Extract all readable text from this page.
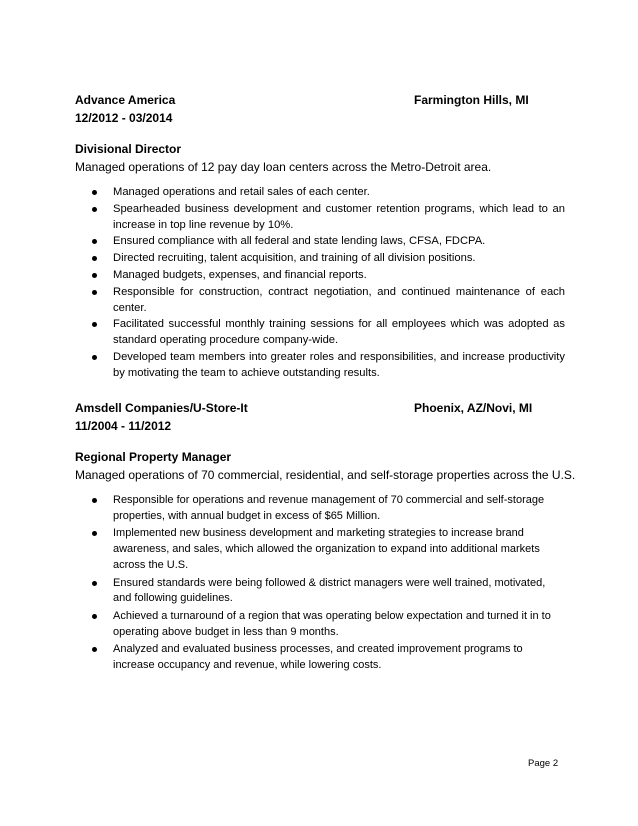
Advance America	Farmington Hills, MI
12/2012 - 03/2014
Divisional Director
Managed operations of 12 pay day loan centers across the Metro-Detroit area.
Managed operations and retail sales of each center.
Spearheaded business development and customer retention programs, which lead to an increase in top line revenue by 10%.
Ensured compliance with all federal and state lending laws, CFSA, FDCPA.
Directed recruiting, talent acquisition, and training of all division positions.
Managed budgets, expenses, and financial reports.
Responsible for construction, contract negotiation, and continued maintenance of each center.
Facilitated successful monthly training sessions for all employees which was adopted as standard operating procedure company-wide.
Developed team members into greater roles and responsibilities, and increase productivity by motivating the team to achieve outstanding results.
Amsdell Companies/U-Store-It	Phoenix, AZ/Novi, MI
11/2004 - 11/2012
Regional Property Manager
Managed operations of 70 commercial, residential, and self-storage properties across the U.S.
Responsible for operations and revenue management of 70 commercial and self-storage properties, with annual budget in excess of $65 Million.
Implemented new business development and marketing strategies to increase brand awareness, and sales, which allowed the organization to expand into additional markets across the U.S.
Ensured standards were being followed & district managers were well trained, motivated, and following guidelines.
Achieved a turnaround of a region that was operating below expectation and turned it in to operating above budget in less than 9 months.
Analyzed and evaluated business processes, and created improvement programs to increase occupancy and revenue, while lowering costs.
Page 2
